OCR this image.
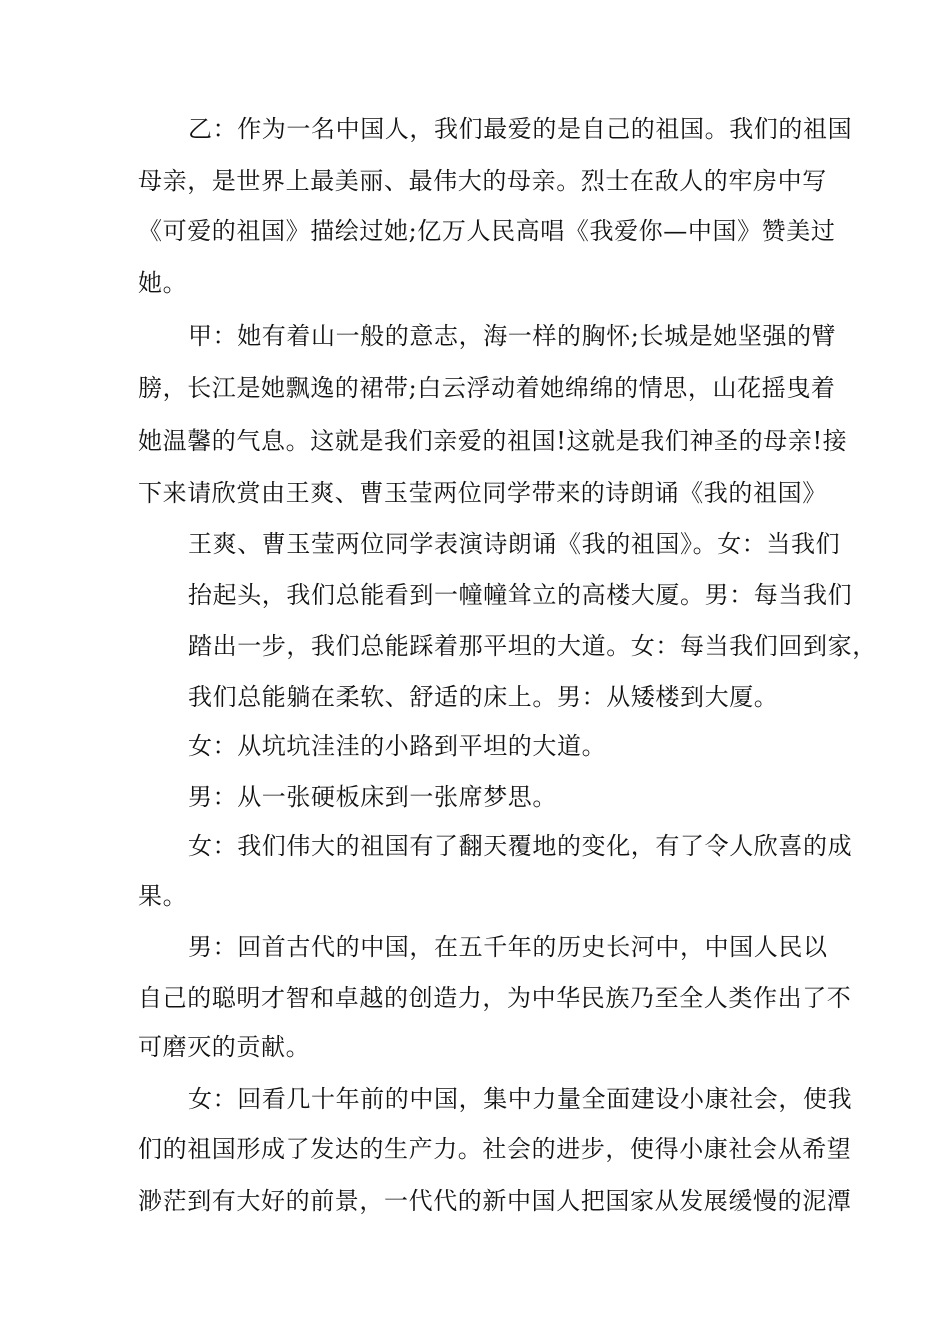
乙：作为一名中国人，我们最爱的是自己的祖国。我们的祖国
母亲，是世界上最美丽、最伟大的母亲。烈士在敌人的牢房中写
《可爱的祖国》描绘过她;亿万人民高唱《我爱你—中国》赞美过
她。
甲：她有着山一般的意志，海一样的胸怀;长城是她坚强的臂
膀，长江是她飘逸的裙带;白云浮动着她绵绵的情思，山花摇曳着
她温馨的气息。这就是我们亲爱的祖国!这就是我们神圣的母亲!接
下来请欣赏由王爽、曹玉莹两位同学带来的诗朗诵《我的祖国》
王爽、曹玉莹两位同学表演诗朗诵《我的祖国》。女：当我们
抬起头，我们总能看到一幢幢耸立的高楼大厦。男：每当我们
踏出一步，我们总能踩着那平坦的大道。女：每当我们回到家，
我们总能躺在柔软、舒适的床上。男：从矮楼到大厦。
女：从坑坑洼洼的小路到平坦的大道。
男：从一张硬板床到一张席梦思。
女：我们伟大的祖国有了翻天覆地的变化，有了令人欣喜的成
果。
男：回首古代的中国，在五千年的历史长河中，中国人民以
自己的聪明才智和卓越的创造力，为中华民族乃至全人类作出了不
可磨灭的贡献。
女：回看几十年前的中国，集中力量全面建设小康社会，使我
们的祖国形成了发达的生产力。社会的进步，使得小康社会从希望
渺茫到有大好的前景，一代代的新中国人把国家从发展缓慢的泥潭
